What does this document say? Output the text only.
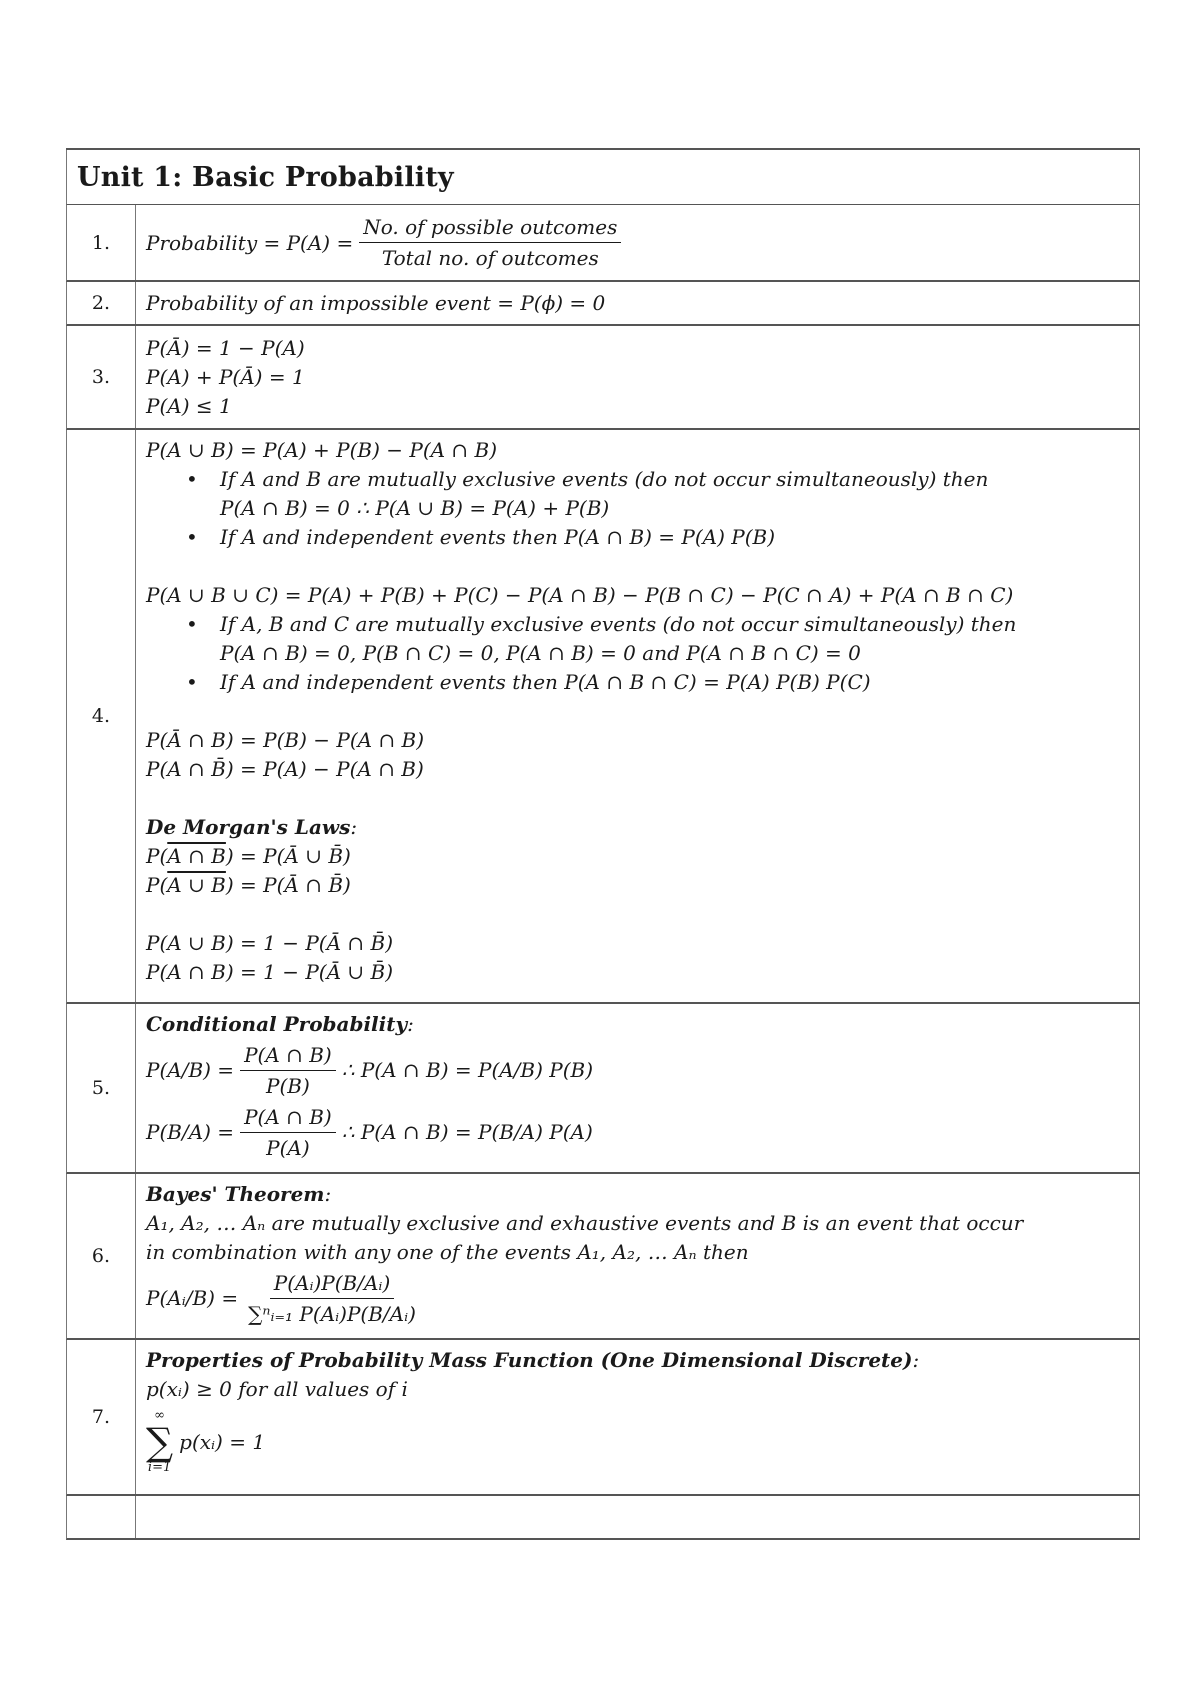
Unit 1: Basic Probability
1.	Probability = $P(A) = \frac{\text{No. of possible outcomes}}{\text{Total no. of outcomes}}$
2.	Probability of an impossible event = P(ϕ) = 0
3.
P(Ā) = 1 − P(A)
P(A) + P(Ā) = 1
P(A) ≤ 1
4.
P(A ∪ B) = P(A) + P(B) − P(A ∩ B)
• If A and B are mutually exclusive events (do not occur simultaneously) then
P(A ∩ B) = 0 ∴ P(A ∪ B) = P(A) + P(B)
• If A and independent events then P(A ∩ B) = P(A) P(B)
P(A ∪ B ∪ C) = P(A) + P(B) + P(C) − P(A ∩ B) − P(B ∩ C) − P(C ∩ A) + P(A ∩ B ∩ C)
• If A, B and C are mutually exclusive events (do not occur simultaneously) then
P(A ∩ B) = 0, P(B ∩ C) = 0, P(A ∩ B) = 0 and P(A ∩ B ∩ C) = 0
• If A and independent events then P(A ∩ B ∩ C) = P(A) P(B) P(C)
P(Ā ∩ B) = P(B) − P(A ∩ B)
P(A ∩ B̄) = P(A) − P(A ∩ B)
De Morgan's Laws:
P(A ∩ B) = P(Ā ∪ B̄)
P(A ∪ B) = P(Ā ∩ B̄)
P(A ∪ B) = 1 − P(Ā ∩ B̄)
P(A ∩ B) = 1 − P(Ā ∪ B̄)
5.
Conditional Probability:
$P(A/B) = \frac{P(A \cap B)}{P(B)}$ ∴ P(A ∩ B) = P(A/B) P(B)
$P(B/A) = \frac{P(A \cap B)}{P(A)}$ ∴ P(A ∩ B) = P(B/A) P(A)
6.
Bayes' Theorem:
A₁, A₂, … Aₙ are mutually exclusive and exhaustive events and B is an event that occur
in combination with any one of the events A₁, A₂, … Aₙ then
P(Aᵢ/B) = $\frac{\text{P(Aᵢ)P(B/Aᵢ)}}{\text{∑ⁿᵢ₌₁ P(Aᵢ)P(B/Aᵢ)}}$
7.
Properties of Probability Mass Function (One Dimensional Discrete):
p(xᵢ) ≥ 0 for all values of i
∞
∑
i=1
p(xᵢ) = 1
